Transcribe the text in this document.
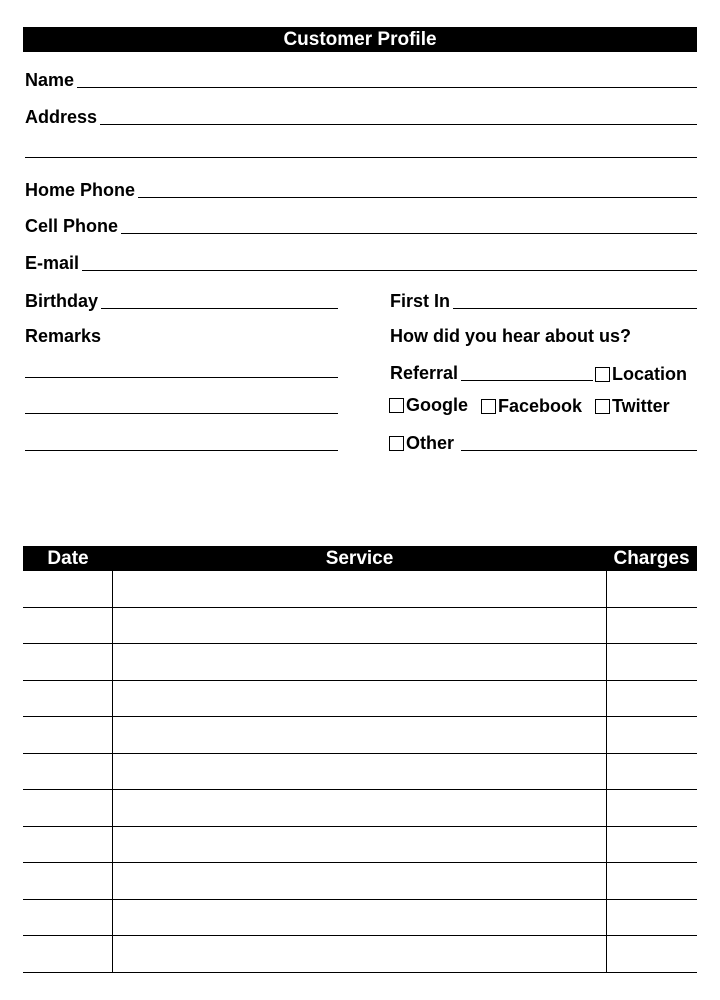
Customer Profile
Name
Address
Home Phone
Cell Phone
E-mail
Birthday	First In
Remarks	How did you hear about us?
Referral	Location
Google Facebook Twitter
Other
Date	Service	Charges
